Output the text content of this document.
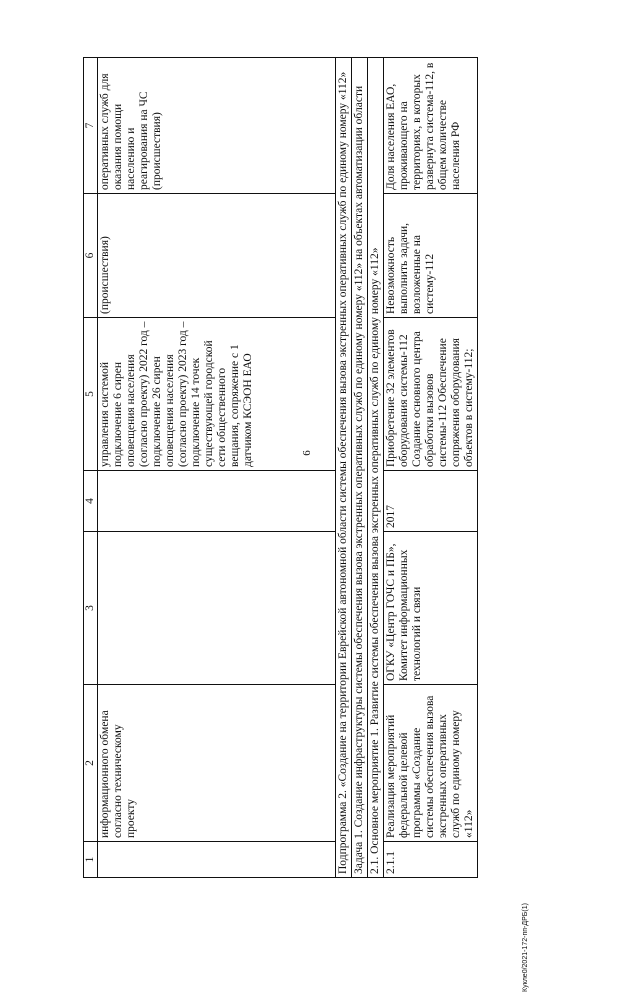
6
Кукле0/2021-172-пп-ДРБ(1)
1	2	3	4	5	6	7
	информационного обмена согласно техническому проекту			управления системой подключение 6 сирен оповещения населения (согласно проекту) 2022 год – подключение 26 сирен оповещения населения (согласно проекту) 2023 год – подключение 14 точек существующей городской сети общественного вещания, сопряжение с 1 датчиком КСЭОН ЕАО	(происшествия)	оперативных служб для оказания помощи населению и реагирования на ЧС (происшествия)
Подпрограмма 2. «Создание на территории Еврейской автономной области системы обеспечения вызова экстренных оперативных служб по единому номеру «112»						
Задача 1. Создание инфраструктуры системы обеспечения вызова экстренных оперативных служб по единому номеру «112» на объектах автоматизации области						
2.1. Основное мероприятие 1. Развитие системы обеспечения вызова экстренных оперативных служб по единому номеру «112»						
2.1.1	Реализация мероприятий федеральной целевой программы «Создание системы обеспечения вызова экстренных оперативных служб по единому номеру «112»	ОГКУ «Центр ГОЧС и ПБ», Комитет информационных технологий и связи	2017	Приобретение 32 элементов оборудования системы-112 Создание основного центра обработки вызовов системы-112 Обеспечение сопряжения оборудования объектов в систему-112;	Невозможность выполнить задачи, возложенные на систему-112	Доля населения ЕАО, проживающего на территориях, в которых развернута система-112, в общем количестве населения РФ
